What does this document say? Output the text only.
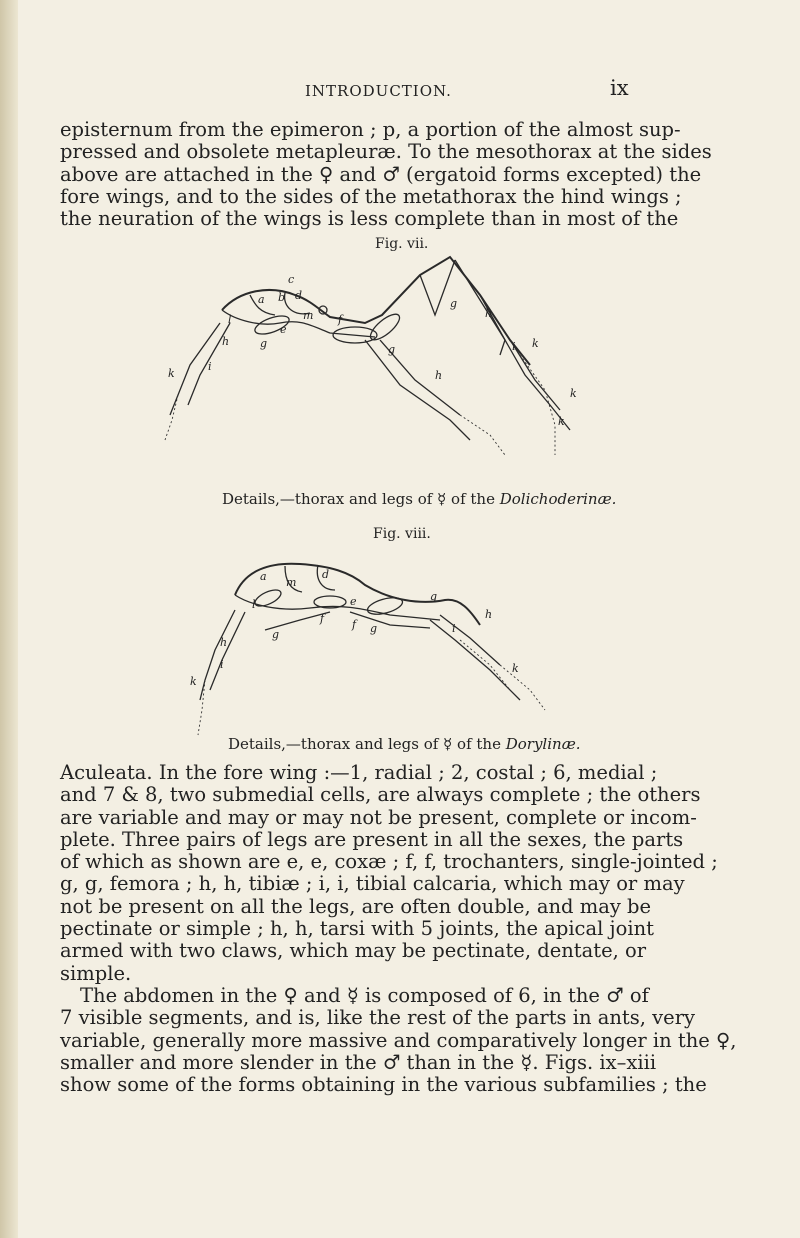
INTRODUCTION.	ix

episternum from the epimeron ; p, a portion of the almost sup-
pressed and obsolete metapleuræ. To the mesothorax at the sides
above are attached in the ♀ and ♂ (ergatoid forms excepted) the
fore wings, and to the sides of the metathorax the hind wings ;
the neuration of the wings is less complete than in most of the

Fig. vii.
c
a b d
l	m
e
f
g
h
i
k
g
h
k
i
g
h
k
k
Details,—thorax and legs of ☿ of the Dolichoderinæ.
Fig. viii.
a m
d
l	e
f	f
g
g
h
i
k
i
k
g
h
Details,—thorax and legs of ☿ of the Dorylinæ.

Aculeata. In the fore wing :—1, radial ; 2, costal ; 6, medial ;
and 7 & 8, two submedial cells, are always complete ; the others
are variable and may or may not be present, complete or incom-
plete. Three pairs of legs are present in all the sexes, the parts
of which as shown are e, e, coxæ ; f, f, trochanters, single-jointed ;
g, g, femora ; h, h, tibiæ ; i, i, tibial calcaria, which may or may
not be present on all the legs, are often double, and may be
pectinate or simple ; h, h, tarsi with 5 joints, the apical joint
armed with two claws, which may be pectinate, dentate, or
simple.
The abdomen in the ♀ and ☿ is composed of 6, in the ♂ of
7 visible segments, and is, like the rest of the parts in ants, very
variable, generally more massive and comparatively longer in the ♀,
smaller and more slender in the ♂ than in the ☿. Figs. ix–xiii
show some of the forms obtaining in the various subfamilies ; the
